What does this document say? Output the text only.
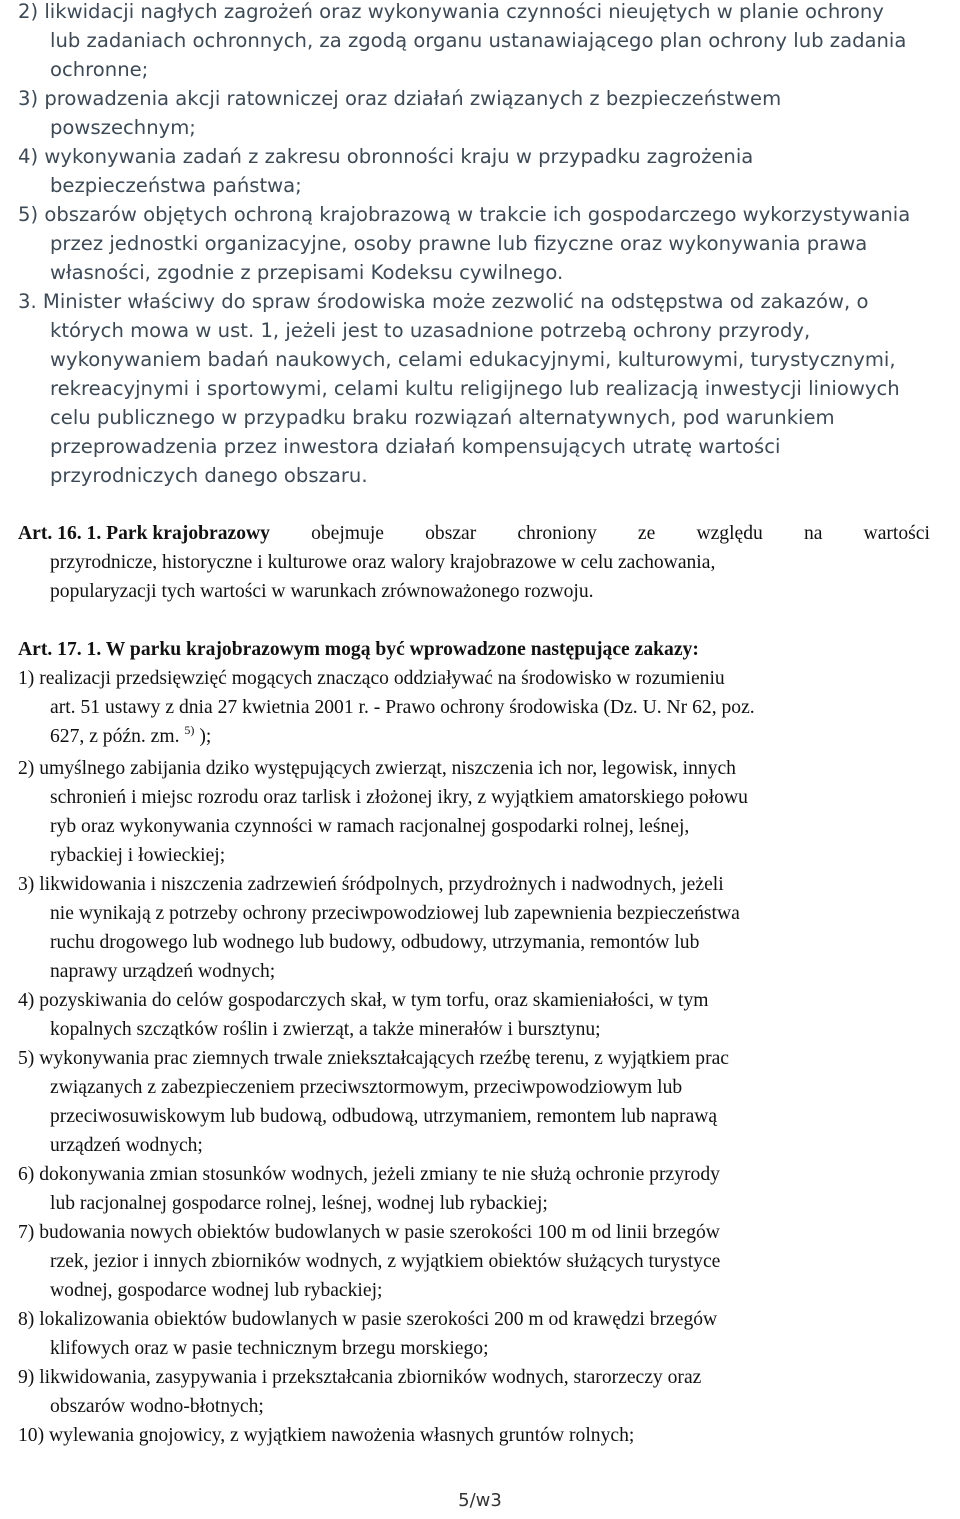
2) likwidacji nagłych zagrożeń oraz wykonywania czynności nieujętych w planie ochrony
lub zadaniach ochronnych, za zgodą organu ustanawiającego plan ochrony lub zadania
ochronne;
3) prowadzenia akcji ratowniczej oraz działań związanych z bezpieczeństwem
powszechnym;
4) wykonywania zadań z zakresu obronności kraju w przypadku zagrożenia
bezpieczeństwa państwa;
5) obszarów objętych ochroną krajobrazową w trakcie ich gospodarczego wykorzystywania
przez jednostki organizacyjne, osoby prawne lub fizyczne oraz wykonywania prawa
własności, zgodnie z przepisami Kodeksu cywilnego.
3. Minister właściwy do spraw środowiska może zezwolić na odstępstwa od zakazów, o
których mowa w ust. 1, jeżeli jest to uzasadnione potrzebą ochrony przyrody,
wykonywaniem badań naukowych, celami edukacyjnymi, kulturowymi, turystycznymi,
rekreacyjnymi i sportowymi, celami kultu religijnego lub realizacją inwestycji liniowych
celu publicznego w przypadku braku rozwiązań alternatywnych, pod warunkiem
przeprowadzenia przez inwestora działań kompensujących utratę wartości
przyrodniczych danego obszaru.
Art. 16. 1. Park krajobrazowy obejmuje obszar chroniony ze względu na wartości
przyrodnicze, historyczne i kulturowe oraz walory krajobrazowe w celu zachowania,
popularyzacji tych wartości w warunkach zrównoważonego rozwoju.
Art. 17. 1. W parku krajobrazowym mogą być wprowadzone następujące zakazy:
1) realizacji przedsięwzięć mogących znacząco oddziaływać na środowisko w rozumieniu
art. 51 ustawy z dnia 27 kwietnia 2001 r. - Prawo ochrony środowiska (Dz. U. Nr 62, poz.
627, z późn. zm. $^{5)}$ );
2) umyślnego zabijania dziko występujących zwierząt, niszczenia ich nor, legowisk, innych
schronień i miejsc rozrodu oraz tarlisk i złożonej ikry, z wyjątkiem amatorskiego połowu
ryb oraz wykonywania czynności w ramach racjonalnej gospodarki rolnej, leśnej,
rybackiej i łowieckiej;
3) likwidowania i niszczenia zadrzewień śródpolnych, przydrożnych i nadwodnych, jeżeli
nie wynikają z potrzeby ochrony przeciwpowodziowej lub zapewnienia bezpieczeństwa
ruchu drogowego lub wodnego lub budowy, odbudowy, utrzymania, remontów lub
naprawy urządzeń wodnych;
4) pozyskiwania do celów gospodarczych skał, w tym torfu, oraz skamieniałości, w tym
kopalnych szczątków roślin i zwierząt, a także minerałów i bursztynu;
5) wykonywania prac ziemnych trwale zniekształcających rzeźbę terenu, z wyjątkiem prac
związanych z zabezpieczeniem przeciwsztormowym, przeciwpowodziowym lub
przeciwosuwiskowym lub budową, odbudową, utrzymaniem, remontem lub naprawą
urządzeń wodnych;
6) dokonywania zmian stosunków wodnych, jeżeli zmiany te nie służą ochronie przyrody
lub racjonalnej gospodarce rolnej, leśnej, wodnej lub rybackiej;
7) budowania nowych obiektów budowlanych w pasie szerokości 100 m od linii brzegów
rzek, jezior i innych zbiorników wodnych, z wyjątkiem obiektów służących turystyce
wodnej, gospodarce wodnej lub rybackiej;
8) lokalizowania obiektów budowlanych w pasie szerokości 200 m od krawędzi brzegów
klifowych oraz w pasie technicznym brzegu morskiego;
9) likwidowania, zasypywania i przekształcania zbiorników wodnych, starorzeczy oraz
obszarów wodno-błotnych;
10) wylewania gnojowicy, z wyjątkiem nawożenia własnych gruntów rolnych;
5/w3
